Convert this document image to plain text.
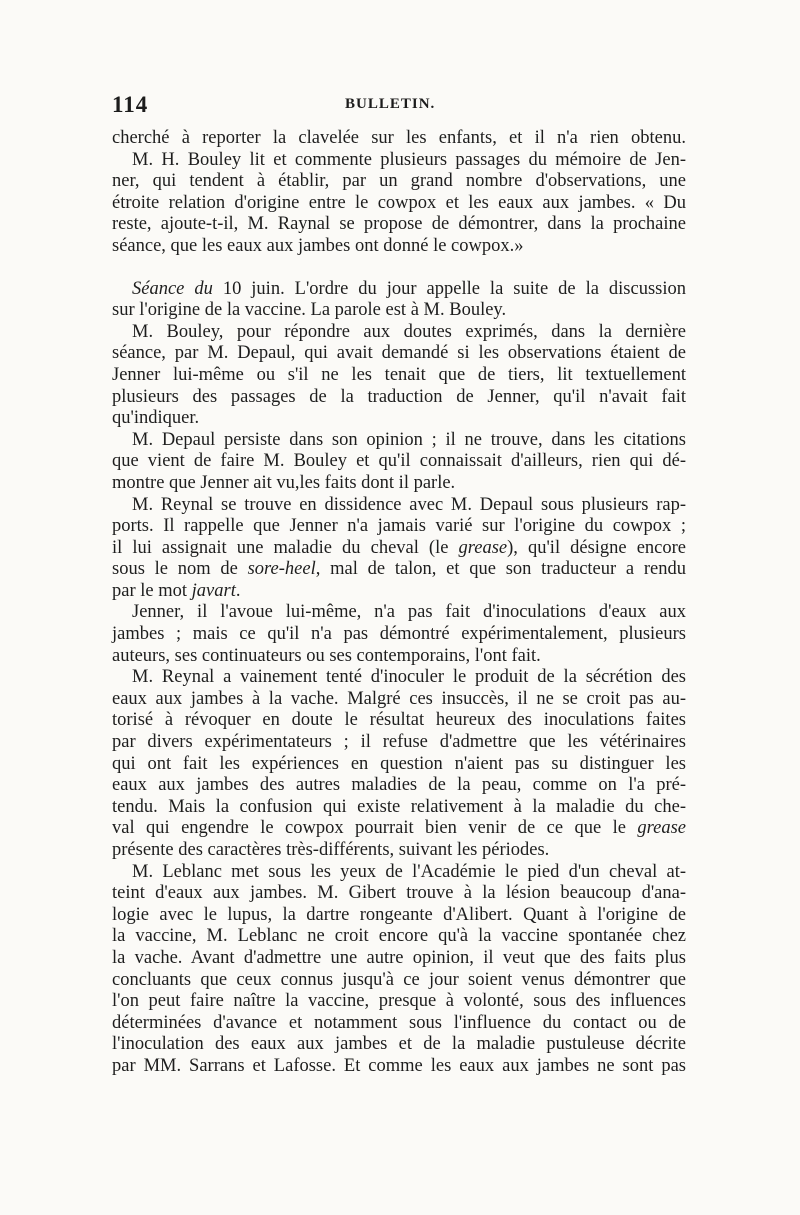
114	BULLETIN.
cherché à reporter la clavelée sur les enfants, et il n'a rien obtenu.
M. H. Bouley lit et commente plusieurs passages du mémoire de Jen-
ner, qui tendent à établir, par un grand nombre d'observations, une
étroite relation d'origine entre le cowpox et les eaux aux jambes. « Du
reste, ajoute-t-il, M. Raynal se propose de démontrer, dans la prochaine
séance, que les eaux aux jambes ont donné le cowpox.»
Séance du 10 juin. L'ordre du jour appelle la suite de la discussion
sur l'origine de la vaccine. La parole est à M. Bouley.
M. Bouley, pour répondre aux doutes exprimés, dans la dernière
séance, par M. Depaul, qui avait demandé si les observations étaient de
Jenner lui-même ou s'il ne les tenait que de tiers, lit textuellement
plusieurs des passages de la traduction de Jenner, qu'il n'avait fait
qu'indiquer.
M. Depaul persiste dans son opinion ; il ne trouve, dans les citations
que vient de faire M. Bouley et qu'il connaissait d'ailleurs, rien qui dé-
montre que Jenner ait vu,les faits dont il parle.
M. Reynal se trouve en dissidence avec M. Depaul sous plusieurs rap-
ports. Il rappelle que Jenner n'a jamais varié sur l'origine du cowpox ;
il lui assignait une maladie du cheval (le grease), qu'il désigne encore
sous le nom de sore-heel, mal de talon, et que son traducteur a rendu
par le mot javart.
Jenner, il l'avoue lui-même, n'a pas fait d'inoculations d'eaux aux
jambes ; mais ce qu'il n'a pas démontré expérimentalement, plusieurs
auteurs, ses continuateurs ou ses contemporains, l'ont fait.
M. Reynal a vainement tenté d'inoculer le produit de la sécrétion des
eaux aux jambes à la vache. Malgré ces insuccès, il ne se croit pas au-
torisé à révoquer en doute le résultat heureux des inoculations faites
par divers expérimentateurs ; il refuse d'admettre que les vétérinaires
qui ont fait les expériences en question n'aient pas su distinguer les
eaux aux jambes des autres maladies de la peau, comme on l'a pré-
tendu. Mais la confusion qui existe relativement à la maladie du che-
val qui engendre le cowpox pourrait bien venir de ce que le grease
présente des caractères très-différents, suivant les périodes.
M. Leblanc met sous les yeux de l'Académie le pied d'un cheval at-
teint d'eaux aux jambes. M. Gibert trouve à la lésion beaucoup d'ana-
logie avec le lupus, la dartre rongeante d'Alibert. Quant à l'origine de
la vaccine, M. Leblanc ne croit encore qu'à la vaccine spontanée chez
la vache. Avant d'admettre une autre opinion, il veut que des faits plus
concluants que ceux connus jusqu'à ce jour soient venus démontrer que
l'on peut faire naître la vaccine, presque à volonté, sous des influences
déterminées d'avance et notamment sous l'influence du contact ou de
l'inoculation des eaux aux jambes et de la maladie pustuleuse décrite
par MM. Sarrans et Lafosse. Et comme les eaux aux jambes ne sont pas
